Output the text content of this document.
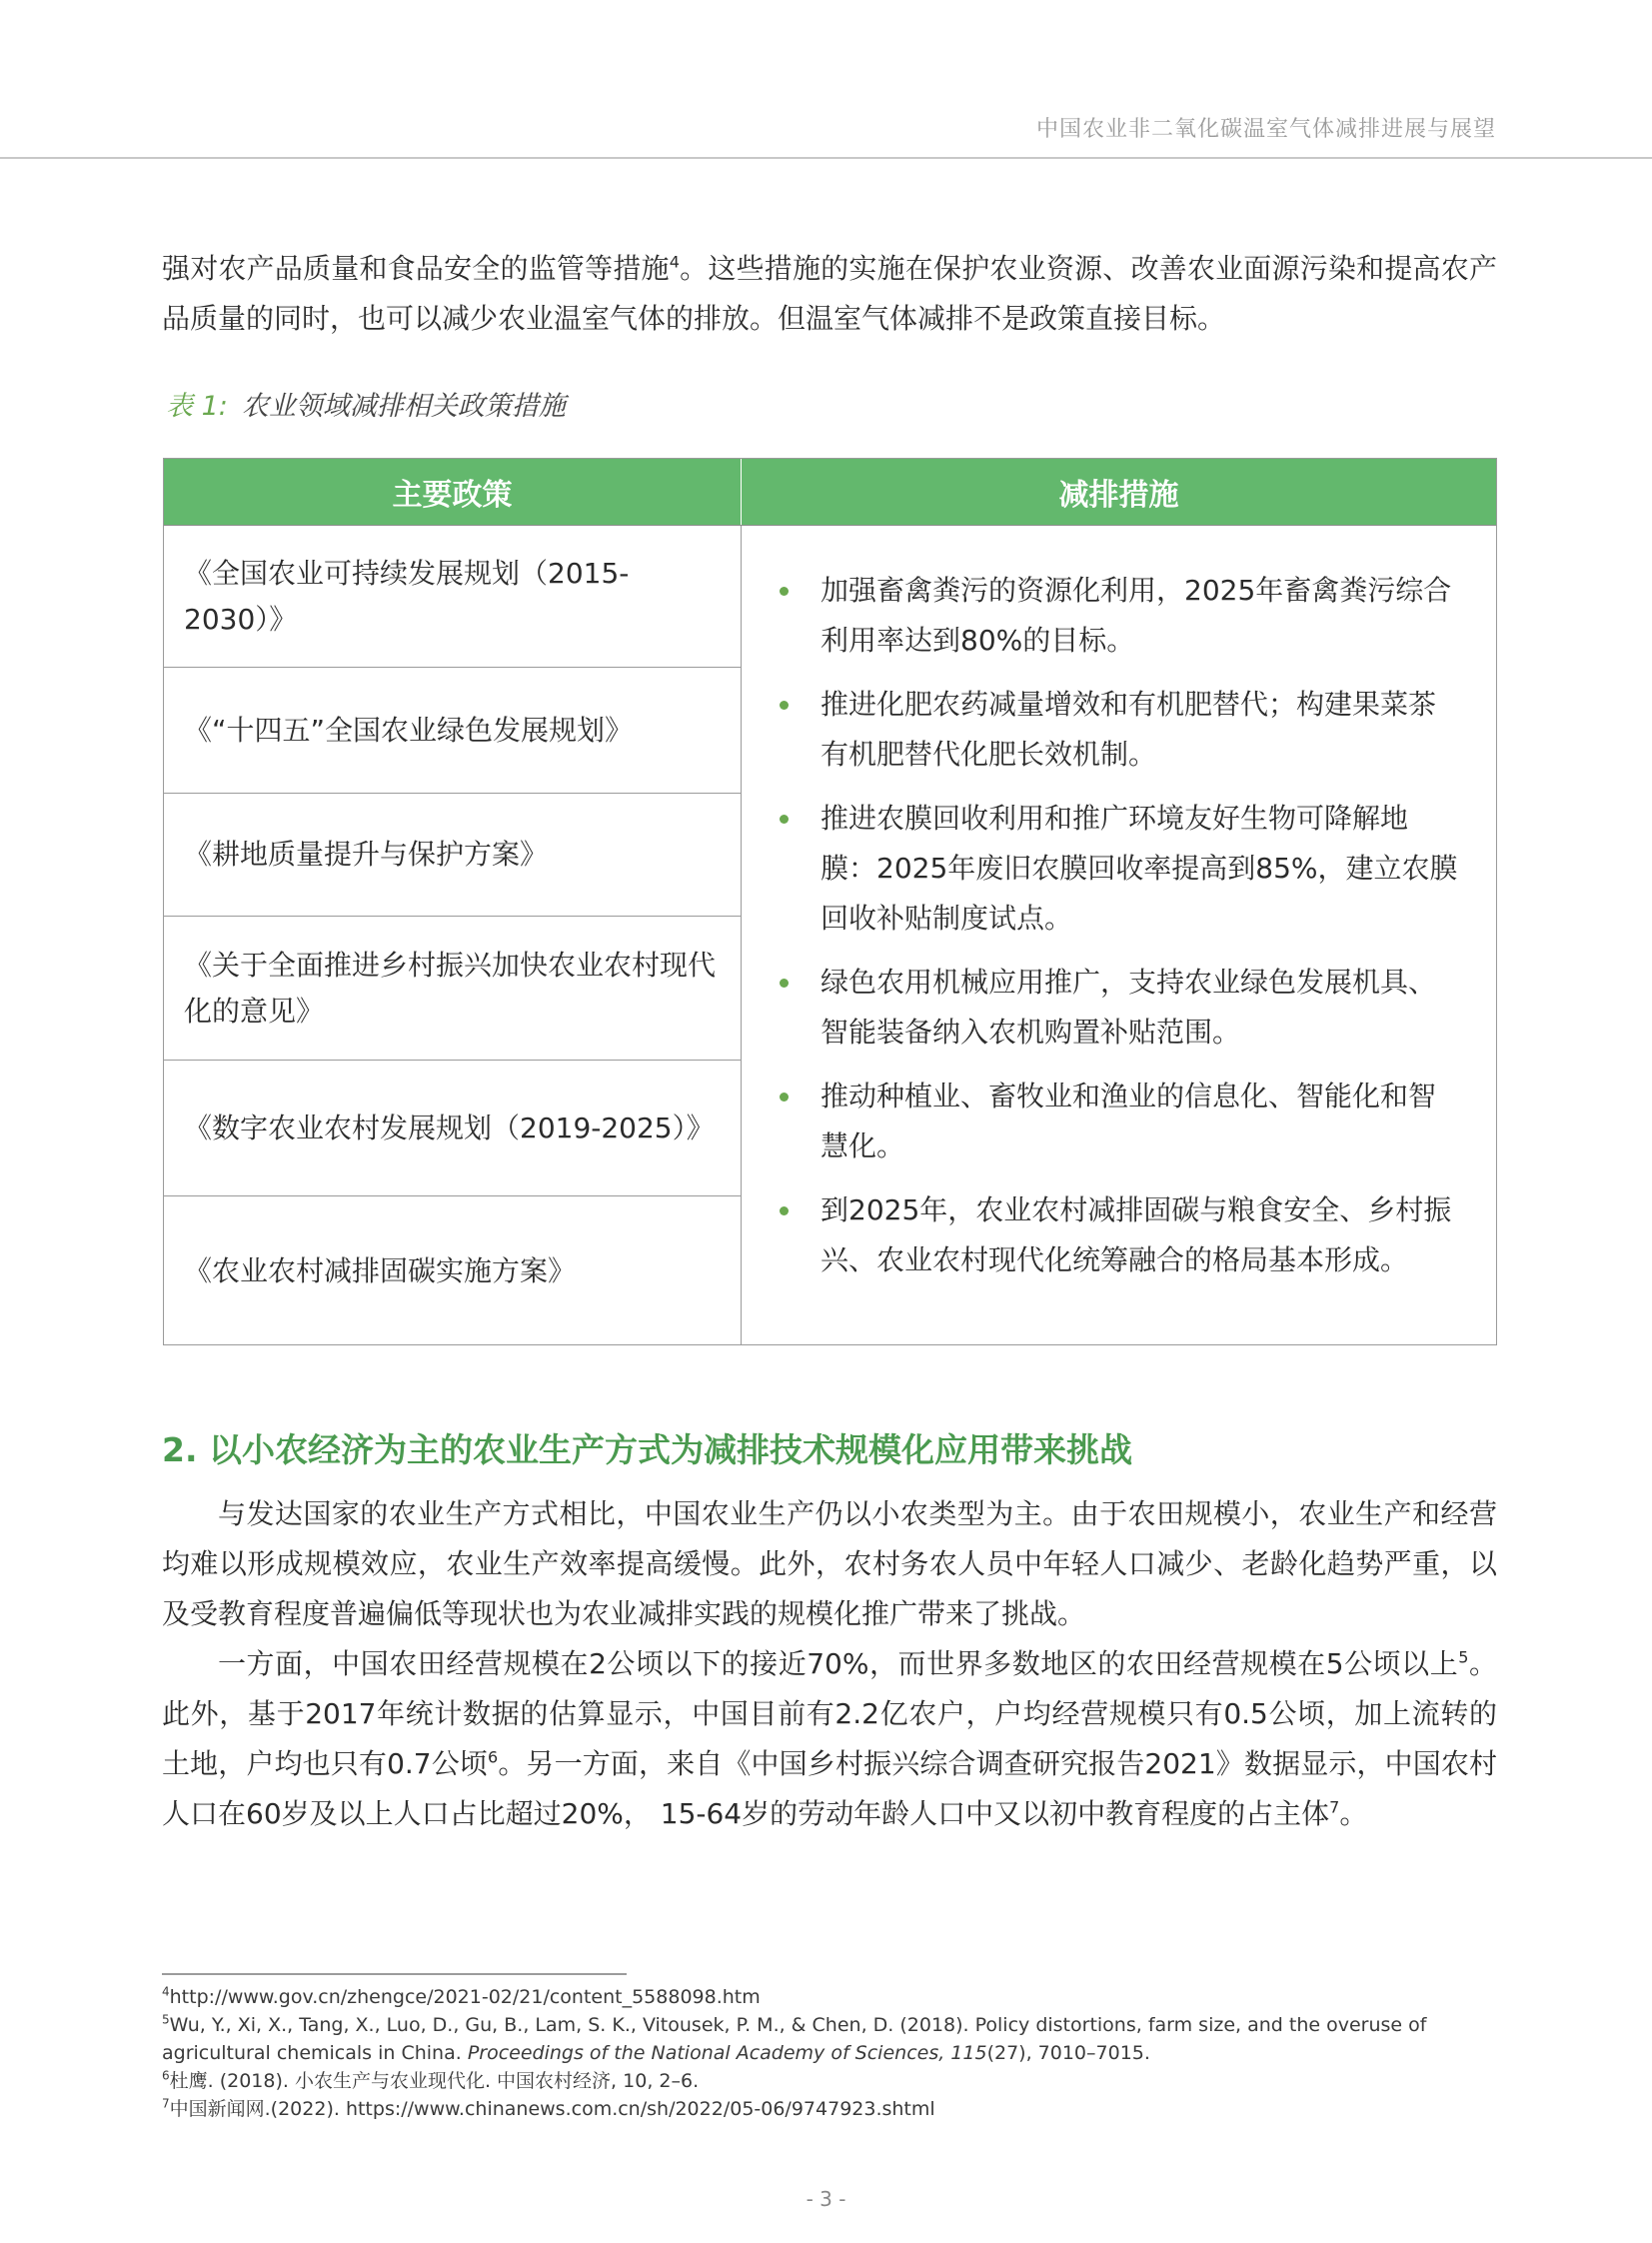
中国农业非二氧化碳温室气体减排进展与展望

强对农产品质量和食品安全的监管等措施$^4$。这些措施的实施在保护农业资源、改善农业面源污染和提高农产品质量的同时，也可以减少农业温室气体的排放。但温室气体减排不是政策直接目标。

表 1: 农业领域减排相关政策措施
主要政策	减排措施
《全国农业可持续发展规划（2015-2030）》
《“十四五”全国农业绿色发展规划》
《耕地质量提升与保护方案》
《关于全面推进乡村振兴加快农业农村现代化的意见》
《数字农业农村发展规划（2019-2025）》
《农业农村减排固碳实施方案》
加强畜禽粪污的资源化利用，2025年畜禽粪污综合利用率达到80%的目标。
推进化肥农药减量增效和有机肥替代；构建果菜茶有机肥替代化肥长效机制。
推进农膜回收利用和推广环境友好生物可降解地膜：2025年废旧农膜回收率提高到85%，建立农膜回收补贴制度试点。
绿色农用机械应用推广，支持农业绿色发展机具、智能装备纳入农机购置补贴范围。
推动种植业、畜牧业和渔业的信息化、智能化和智慧化。
到2025年，农业农村减排固碳与粮食安全、乡村振兴、农业农村现代化统筹融合的格局基本形成。
2. 以小农经济为主的农业生产方式为减排技术规模化应用带来挑战

与发达国家的农业生产方式相比，中国农业生产仍以小农类型为主。由于农田规模小，农业生产和经营均难以形成规模效应，农业生产效率提高缓慢。此外，农村务农人员中年轻人口减少、老龄化趋势严重，以及受教育程度普遍偏低等现状也为农业减排实践的规模化推广带来了挑战。

一方面，中国农田经营规模在2公顷以下的接近70%，而世界多数地区的农田经营规模在5公顷以上$^5$。此外，基于2017年统计数据的估算显示，中国目前有2.2亿农户，户均经营规模只有0.5公顷，加上流转的土地，户均也只有0.7公顷$^6$。另一方面，来自《中国乡村振兴综合调查研究报告2021》数据显示，中国农村人口在60岁及以上人口占比超过20%， 15-64岁的劳动年龄人口中又以初中教育程度的占主体$^7$。

$^4$http://www.gov.cn/zhengce/2021-02/21/content_5588098.htm

$^5$Wu, Y., Xi, X., Tang, X., Luo, D., Gu, B., Lam, S. K., Vitousek, P. M., & Chen, D. (2018). Policy distortions, farm size, and the overuse of agricultural chemicals in China. Proceedings of the National Academy of Sciences, 115(27), 7010–7015.

$^6$杜鹰. (2018). 小农生产与农业现代化. 中国农村经济, 10, 2–6.

$^7$中国新闻网.(2022). https://www.chinanews.com.cn/sh/2022/05-06/9747923.shtml

- 3 -
